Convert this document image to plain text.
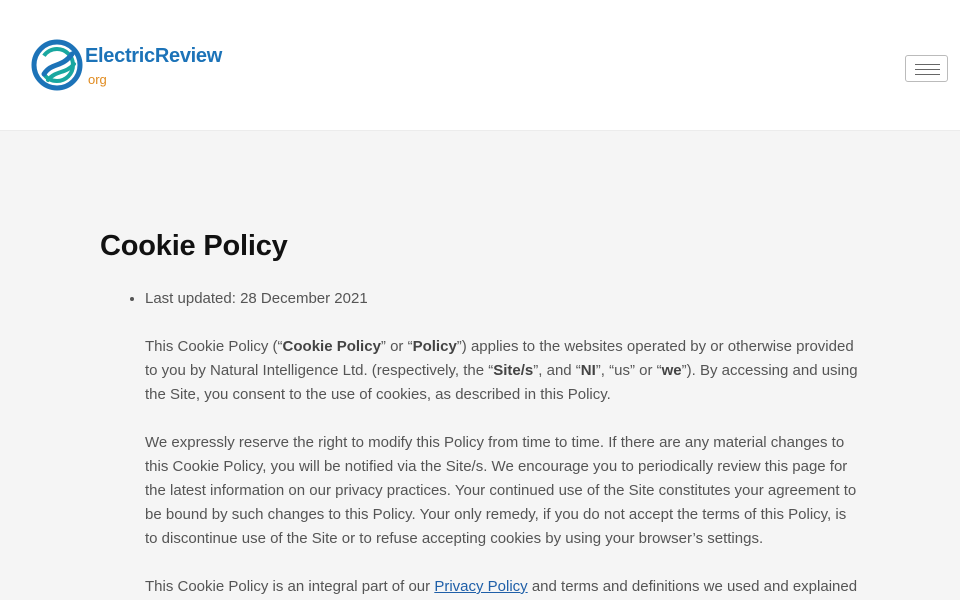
ElectricReview
org
Cookie Policy
• Last updated: 28 December 2021

This Cookie Policy (“Cookie Policy” or “Policy”) applies to the websites operated by or otherwise provided to you by Natural Intelligence Ltd. (respectively, the “Site/s”, and “NI”, “us” or “we”). By accessing and using the Site, you consent to the use of cookies, as described in this Policy.

We expressly reserve the right to modify this Policy from time to time. If there are any material changes to this Cookie Policy, you will be notified via the Site/s. We encourage you to periodically review this page for the latest information on our privacy practices. Your continued use of the Site constitutes your agreement to be bound by such changes to this Policy. Your only remedy, if you do not accept the terms of this Policy, is to discontinue use of the Site or to refuse accepting cookies by using your browser’s settings.

This Cookie Policy is an integral part of our Privacy Policy and terms and definitions we used and explained
